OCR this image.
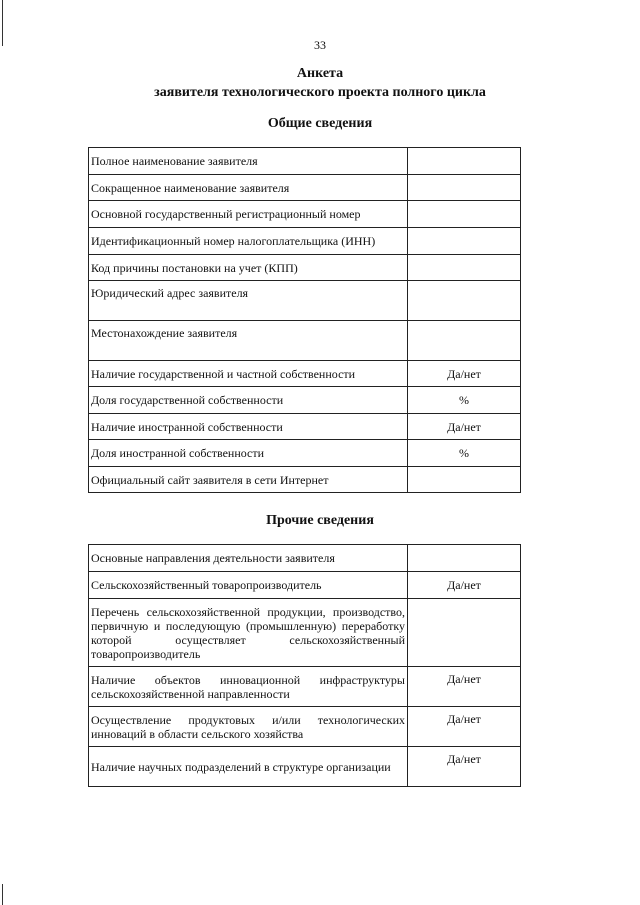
33
Анкета
заявителя технологического проекта полного цикла
Общие сведения
Полное наименование заявителя	
Сокращенное наименование заявителя	
Основной государственный регистрационный номер	
Идентификационный номер налогоплательщика (ИНН)	
Код причины постановки на учет (КПП)	
Юридический адрес заявителя	
Местонахождение заявителя	
Наличие государственной и частной собственности	Да/нет
Доля государственной собственности	%
Наличие иностранной собственности	Да/нет
Доля иностранной собственности	%
Официальный сайт заявителя в сети Интернет	
Прочие сведения
Основные направления деятельности заявителя	
Сельскохозяйственный товаропроизводитель	Да/нет
Перечень сельскохозяйственной продукции, производство, первичную и последующую (промышленную) переработку которой осуществляет сельскохозяйственный товаропроизводитель	
Наличие объектов инновационной инфраструктуры сельскохозяйственной направленности	Да/нет
Осуществление продуктовых и/или технологических инноваций в области сельского хозяйства	Да/нет
Наличие научных подразделений в структуре организации	Да/нет
